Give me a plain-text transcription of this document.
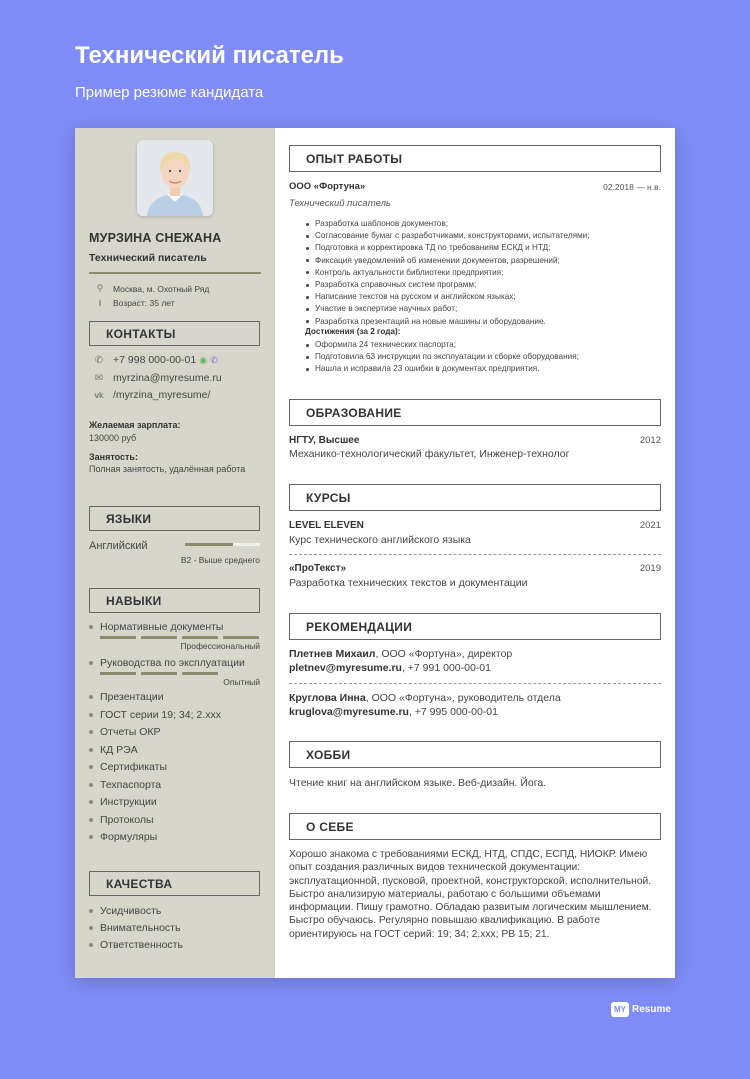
Технический писатель
Пример резюме кандидата
МУРЗИНА СНЕЖАНА
Технический писатель
⚲	Москва, м. Охотный Ряд
i	Возраст: 35 лет
КОНТАКТЫ
✆ +7 998 000-00-01 ◉ ✆
✉ myrzina@myresume.ru
vk /myrzina_myresume/
Желаемая зарплата:
130000 руб
Занятость:
Полная занятость, удалённая работа
ЯЗЫКИ
Английский
B2 - Выше среднего
НАВЫКИ
Нормативные документы
Профессиональный
Руководства по эксплуатации
Опытный
Презентации
ГОСТ серии 19; 34; 2.xxx
Отчеты ОКР
КД РЭА
Сертификаты
Техпаспорта
Инструкции
Протоколы
Формуляры
КАЧЕСТВА
Усидчивость
Внимательность
Ответственность
ОПЫТ РАБОТЫ
ООО «Фортуна»	02.2018 — н.в.
Технический писатель
Разработка шаблонов документов;
Согласование бумаг с разработчиками, конструкторами, испытателями;
Подготовка и корректировка ТД по требованиям ЕСКД и НТД;
Фиксация уведомлений об изменении документов, разрешений;
Контроль актуальности библиотеки предприятия;
Разработка справочных систем программ;
Написание текстов на русском и английском языках;
Участие в экспертизе научных работ;
Разработка презентаций на новые машины и оборудование.
Достижения (за 2 года):
Оформила 24 технических паспорта;
Подготовила 63 инструкции по эксплуатации и сборке оборудования;
Нашла и исправила 23 ошибки в документах предприятия.
ОБРАЗОВАНИЕ
НГТУ, Высшее	2012
Механико-технологический факультет, Инженер-технолог
КУРСЫ
LEVEL ELEVEN	2021
Курс технического английского языка
«ПроТекст»	2019
Разработка технических текстов и документации
РЕКОМЕНДАЦИИ
Плетнев Михаил, ООО «Фортуна», директор
pletnev@myresume.ru, +7 991 000-00-01
Круглова Инна, ООО «Фортуна», руководитель отдела
kruglova@myresume.ru, +7 995 000-00-01
ХОББИ
Чтение книг на английском языке. Веб-дизайн. Йога.
О СЕБЕ
Хорошо знакома с требованиями ЕСКД, НТД, СПДС, ЕСПД, НИОКР. Имею опыт создания различных видов технической документации: эксплуатационной, пусковой, проектной, конструкторской, исполнительной. Быстро анализирую материалы, работаю с большими объемами информации. Пишу грамотно. Обладаю развитым логическим мышлением. Быстро обучаюсь. Регулярно повышаю квалификацию. В работе ориентируюсь на ГОСТ серий: 19; 34; 2.xxx; РВ 15; 21.
MY Resume
